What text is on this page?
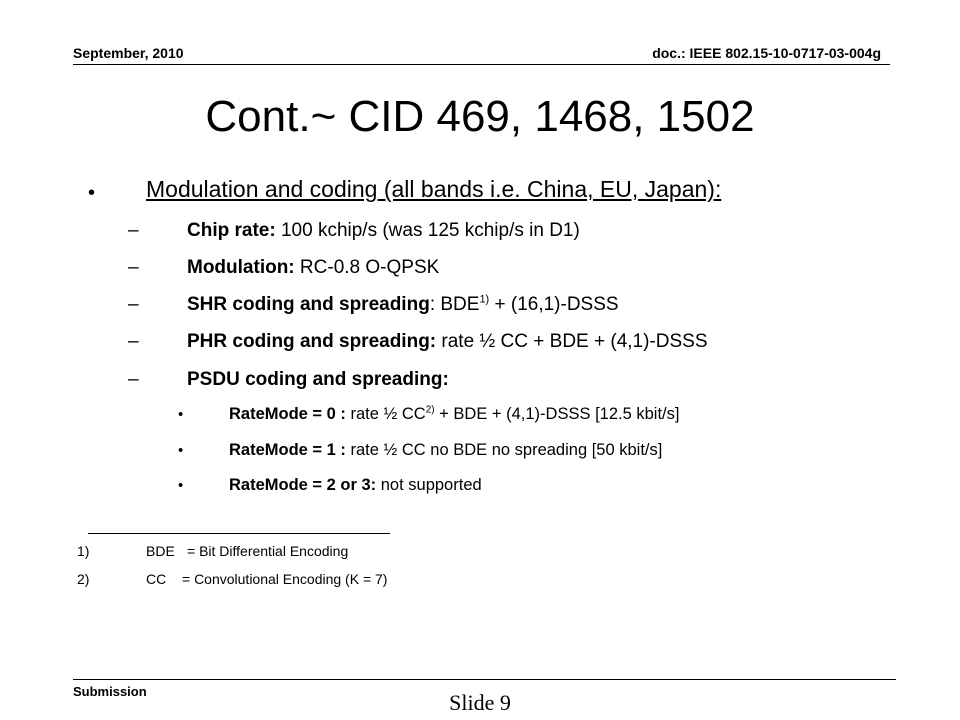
September, 2010	doc.: IEEE 802.15-10-0717-03-004g
Cont.~ CID 469, 1468, 1502
• Modulation and coding (all bands i.e. China, EU, Japan):
–	Chip rate: 100 kchip/s (was 125 kchip/s in D1)
–	Modulation: RC-0.8 O-QPSK
–	SHR coding and spreading: $BDE^{1)}$ + (16,1)-DSSS
–	PHR coding and spreading: rate ½ CC + BDE + (4,1)-DSSS
–	PSDU coding and spreading:
•	RateMode = 0 : rate ½ $CC^{2)}$ + BDE + (4,1)-DSSS [12.5 kbit/s]
•	RateMode = 1 : rate ½ CC no BDE no spreading [50 kbit/s]
•	RateMode = 2 or 3: not supported
1)	BDE = Bit Differential Encoding
2)	CC = Convolutional Encoding (K = 7)
Submission	Slide 9
